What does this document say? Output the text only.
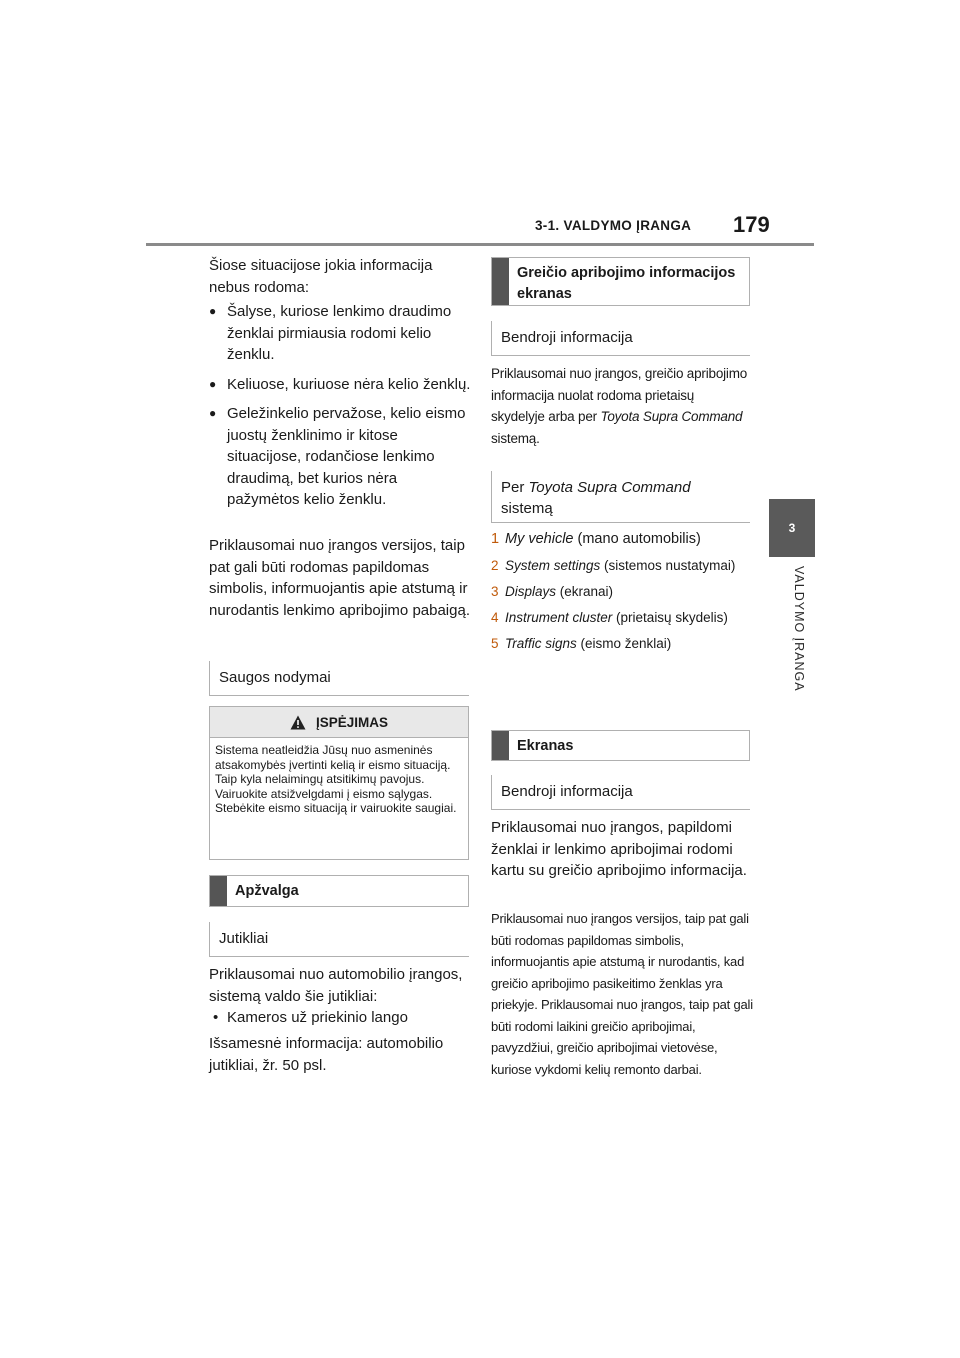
3-1. VALDYMO ĮRANGA 179
3
VALDYMO ĮRANGA
Šiose situacijose jokia informacija nebus rodoma:
● Šalyse, kuriose lenkimo draudimo ženklai pirmiausia rodomi kelio ženklu.
● Keliuose, kuriuose nėra kelio ženklų.
● Geležinkelio pervažose, kelio eismo juostų ženklinimo ir kitose situacijose, rodančiose lenkimo draudimą, bet kurios nėra pažymėtos kelio ženklu.
Priklausomai nuo įrangos versijos, taip pat gali būti rodomas papildomas simbolis, informuojantis apie atstumą ir nurodantis lenkimo apribojimo pabaigą.
Saugos nodymai
ĮSPĖJIMAS
Sistema neatleidžia Jūsų nuo asmeninės atsakomybės įvertinti kelią ir eismo situaciją. Taip kyla nelaimingų atsitikimų pavojus. Vairuokite atsižvelgdami į eismo sąlygas. Stebėkite eismo situaciją ir vairuokite saugiai.
Apžvalga
Jutikliai
Priklausomai nuo automobilio įrangos, sistemą valdo šie jutikliai:
• Kameros už priekinio lango
Išsamesnė informacija: automobilio jutikliai, žr. 50 psl.
Greičio apribojimo informacijos ekranas
Bendroji informacija
Priklausomai nuo įrangos, greičio apribojimo informacija nuolat rodoma prietaisų skydelyje arba per Toyota Supra Command sistemą.
Per Toyota Supra Command
sistemą
1 My vehicle (mano automobilis)
2 System settings (sistemos nustatymai)
3 Displays (ekranai)
4 Instrument cluster (prietaisų skydelis)
5 Traffic signs (eismo ženklai)
Ekranas
Bendroji informacija
Priklausomai nuo įrangos, papildomi ženklai ir lenkimo apribojimai rodomi kartu su greičio apribojimo informacija.
Priklausomai nuo įrangos versijos, taip pat gali būti rodomas papildomas simbolis, informuojantis apie atstumą ir nurodantis, kad greičio apribojimo pasikeitimo ženklas yra priekyje. Priklausomai nuo įrangos, taip pat gali būti rodomi laikini greičio apribojimai, pavyzdžiui, greičio apribojimai vietovėse, kuriose vykdomi kelių remonto darbai.
